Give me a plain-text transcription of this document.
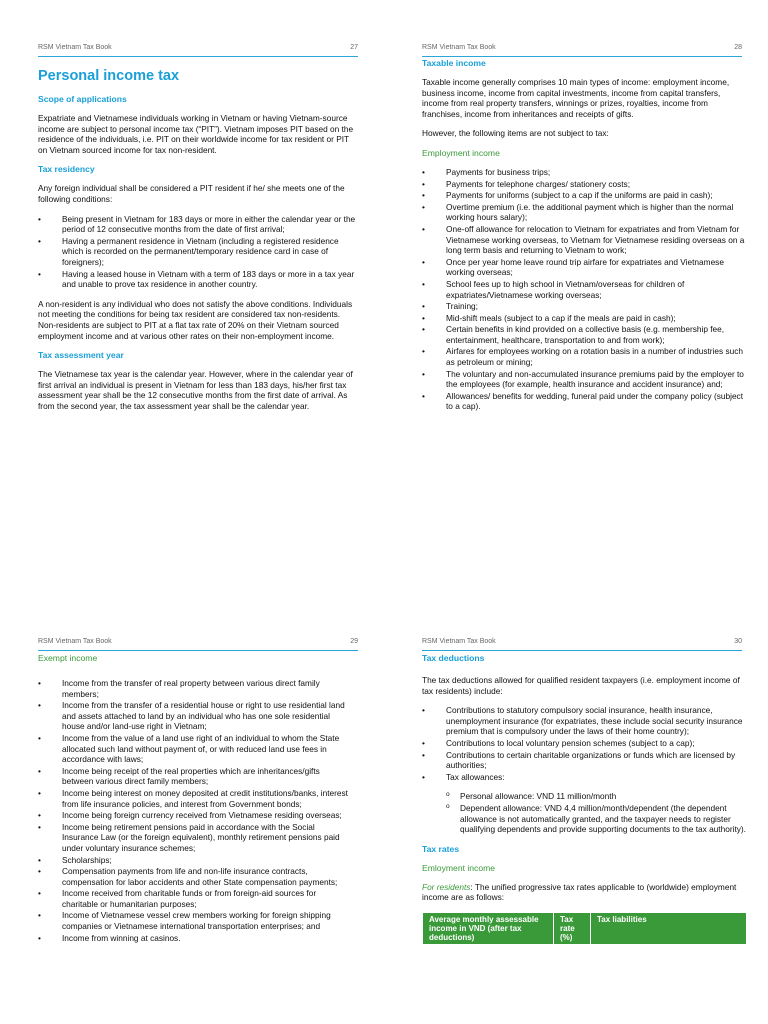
RSM Vietnam Tax Book	27
Personal income tax
Scope of applications

Expatriate and Vietnamese individuals working in Vietnam or having Vietnam-source income are subject to personal income tax (“PIT”). Vietnam imposes PIT based on the residence of the individuals, i.e. PIT on their worldwide income for tax resident or PIT on Vietnam sourced income for tax non-resident.

Tax residency

Any foreign individual shall be considered a PIT resident if he/ she meets one of the following conditions:

• Being present in Vietnam for 183 days or more in either the calendar year or the period of 12 consecutive months from the date of first arrival;
• Having a permanent residence in Vietnam (including a registered residence which is recorded on the permanent/temporary residence card in case of foreigners);
• Having a leased house in Vietnam with a term of 183 days or more in a tax year and unable to prove tax residence in another country.

A non-resident is any individual who does not satisfy the above conditions. Individuals not meeting the conditions for being tax resident are considered tax non-residents. Non-residents are subject to PIT at a flat tax rate of 20% on their Vietnam sourced employment income and at various other rates on their non-employment income.

Tax assessment year

The Vietnamese tax year is the calendar year. However, where in the calendar year of first arrival an individual is present in Vietnam for less than 183 days, his/her first tax assessment year shall be the 12 consecutive months from the first date of arrival. As from the second year, the tax assessment year shall be the calendar year.

RSM Vietnam Tax Book	28
Taxable income

Taxable income generally comprises 10 main types of income: employment income, business income, income from capital investments, income from capital transfers, income from real property transfers, winnings or prizes, royalties, income from franchises, income from inheritances and receipts of gifts.

However, the following items are not subject to tax:

Employment income
• Payments for business trips;
• Payments for telephone charges/ stationery costs;
• Payments for uniforms (subject to a cap if the uniforms are paid in cash);
• Overtime premium (i.e. the additional payment which is higher than the normal working hours salary);
• One-off allowance for relocation to Vietnam for expatriates and from Vietnam for Vietnamese working overseas, to Vietnam for Vietnamese residing overseas on a long term basis and returning to Vietnam to work;
• Once per year home leave round trip airfare for expatriates and Vietnamese working overseas;
• School fees up to high school in Vietnam/overseas for children of expatriates/Vietnamese working overseas;
• Training;
• Mid-shift meals (subject to a cap if the meals are paid in cash);
• Certain benefits in kind provided on a collective basis (e.g. membership fee, entertainment, healthcare, transportation to and from work);
• Airfares for employees working on a rotation basis in a number of industries such as petroleum or mining;
• The voluntary and non-accumulated insurance premiums paid by the employer to the employees (for example, health insurance and accident insurance) and;
• Allowances/ benefits for wedding, funeral paid under the company policy (subject to a cap).
RSM Vietnam Tax Book	29
Exempt income
• Income from the transfer of real property between various direct family members;
• Income from the transfer of a residential house or right to use residential land and assets attached to land by an individual who has one sole residential house and/or land-use right in Vietnam;
• Income from the value of a land use right of an individual to whom the State allocated such land without payment of, or with reduced land use fees in accordance with laws;
• Income being receipt of the real properties which are inheritances/gifts between various direct family members;
• Income being interest on money deposited at credit institutions/banks, interest from life insurance policies, and interest from Government bonds;
• Income being foreign currency received from Vietnamese residing overseas;
• Income being retirement pensions paid in accordance with the Social Insurance Law (or the foreign equivalent), monthly retirement pensions paid under voluntary insurance schemes;
• Scholarships;
• Compensation payments from life and non-life insurance contracts, compensation for labor accidents and other State compensation payments;
• Income received from charitable funds or from foreign-aid sources for charitable or humanitarian purposes;
• Income of Vietnamese vessel crew members working for foreign shipping companies or Vietnamese international transportation enterprises; and
• Income from winning at casinos.
RSM Vietnam Tax Book	30
Tax deductions

The tax deductions allowed for qualified resident taxpayers (i.e. employment income of tax residents) include:

• Contributions to statutory compulsory social insurance, health insurance, unemployment insurance (for expatriates, these include social security insurance premium that is compulsory under the laws of their home country);
• Contributions to local voluntary pension schemes (subject to a cap);
• Contributions to certain charitable organizations or funds which are licensed by authorities;
• Tax allowances:
o Personal allowance: VND 11 million/month
o Dependent allowance: VND 4,4 million/month/dependent (the dependent allowance is not automatically granted, and the taxpayer needs to register qualifying dependents and provide supporting documents to the tax authority).
Tax rates
Emloyment income

For residents: The unified progressive tax rates applicable to (worldwide) employment income are as follows:

Average monthly assessable income in VND (after tax deductions)	Tax rate (%)	Tax liabilities
